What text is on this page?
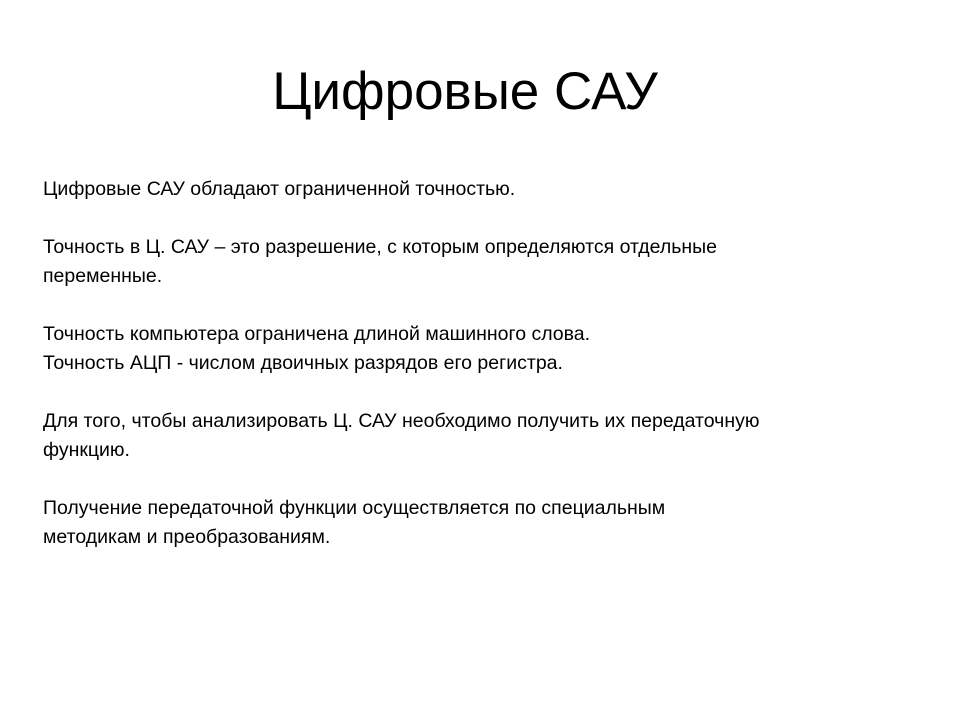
Цифровые САУ
Цифровые САУ обладают ограниченной точностью.
Точность в Ц. САУ – это разрешение, с которым определяются отдельные
переменные.
Точность компьютера ограничена длиной машинного слова.
Точность АЦП - числом двоичных разрядов его регистра.
Для того, чтобы анализировать Ц. САУ необходимо получить их передаточную
функцию.
Получение передаточной функции осуществляется по специальным
методикам и преобразованиям.
